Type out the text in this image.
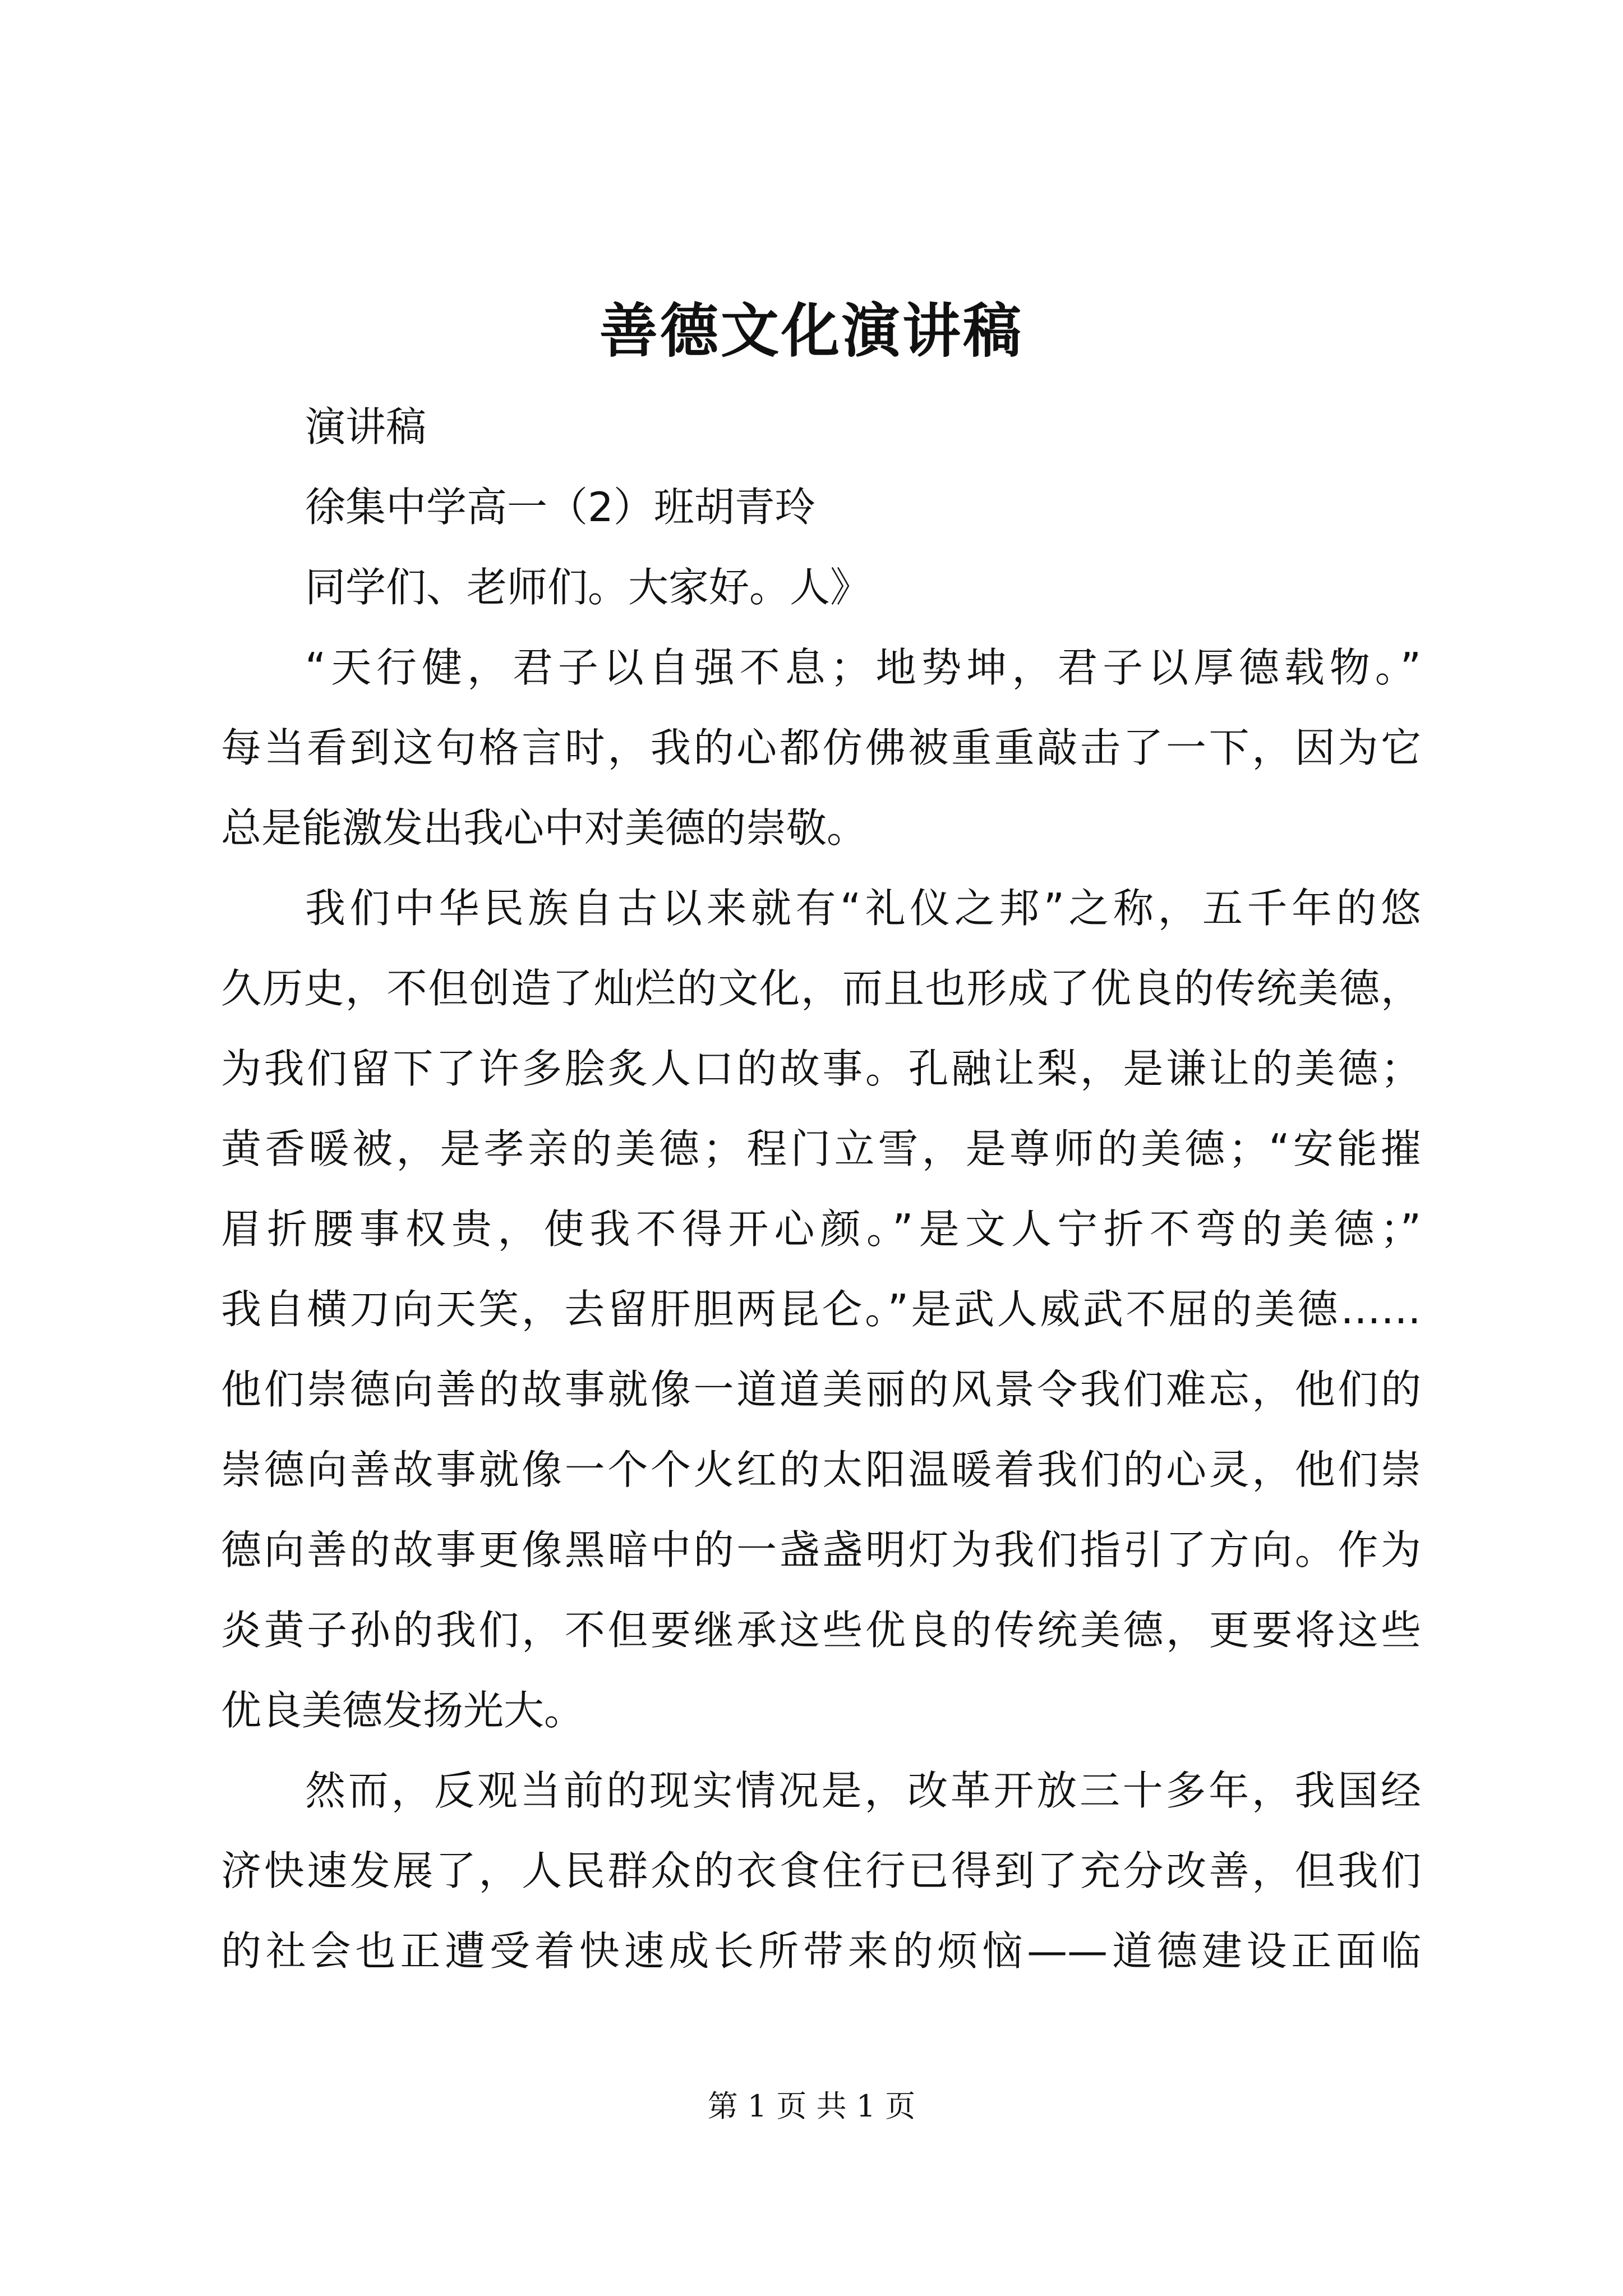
善德文化演讲稿
演讲稿
徐集中学高一（2）班胡青玲
同学们、老师们。大家好。人》
“天行健，君子以自强不息；地势坤，君子以厚德载物。”
每当看到这句格言时，我的心都仿佛被重重敲击了一下，因为它
总是能激发出我心中对美德的崇敬。
我们中华民族自古以来就有“礼仪之邦”之称，五千年的悠
久历史，不但创造了灿烂的文化，而且也形成了优良的传统美德，
为我们留下了许多脍炙人口的故事。孔融让梨，是谦让的美德；
黄香暖被，是孝亲的美德；程门立雪，是尊师的美德；“安能摧
眉折腰事权贵，使我不得开心颜。”是文人宁折不弯的美德；”
我自横刀向天笑，去留肝胆两昆仑。”是武人威武不屈的美德……
他们崇德向善的故事就像一道道美丽的风景令我们难忘，他们的
崇德向善故事就像一个个火红的太阳温暖着我们的心灵，他们崇
德向善的故事更像黑暗中的一盏盏明灯为我们指引了方向。作为
炎黄子孙的我们，不但要继承这些优良的传统美德，更要将这些
优良美德发扬光大。
然而，反观当前的现实情况是，改革开放三十多年，我国经
济快速发展了，人民群众的衣食住行已得到了充分改善，但我们
的社会也正遭受着快速成长所带来的烦恼——道德建设正面临
第 1 页 共 1 页
